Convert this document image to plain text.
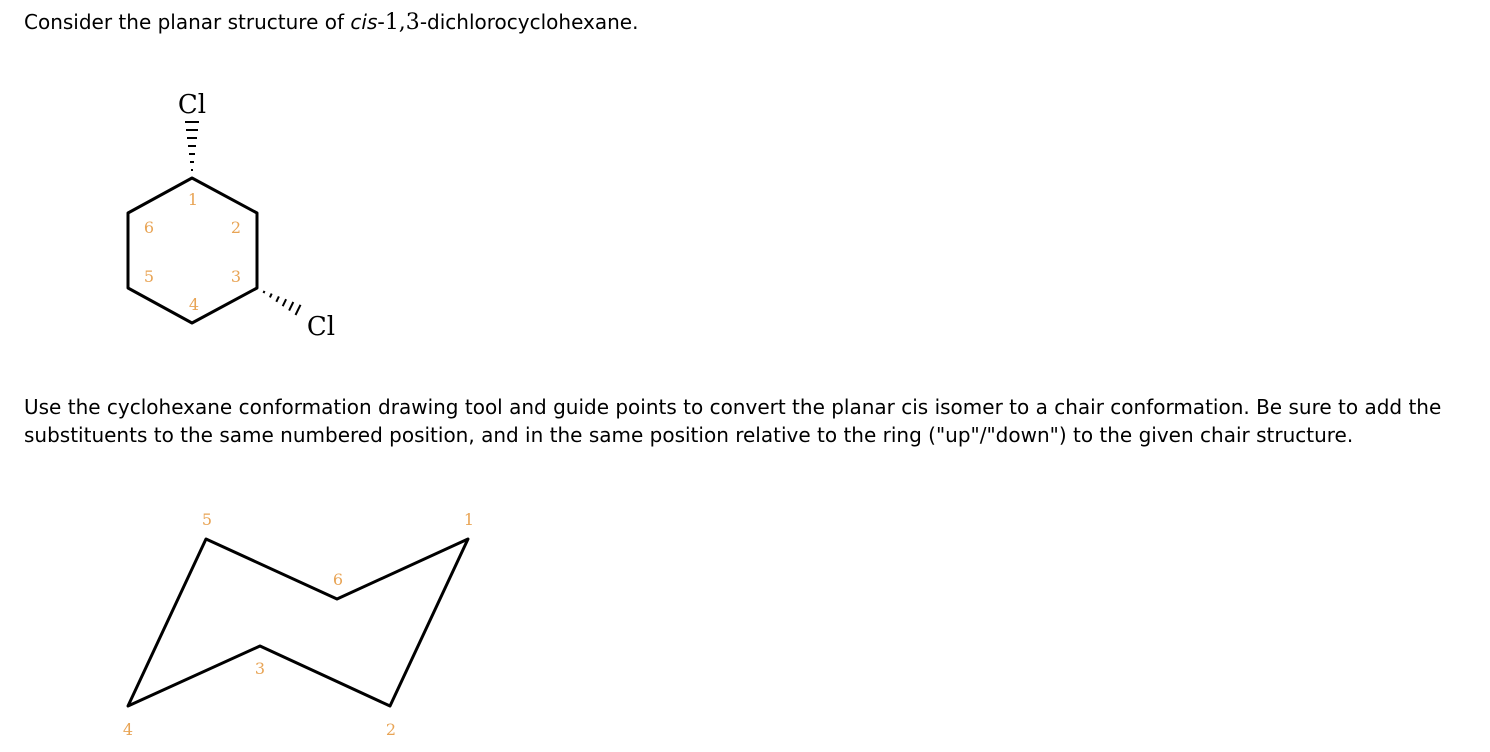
Consider the planar structure of cis-1,3-dichlorocyclohexane.
Cl
Cl
1
2
3
4
5
6
Use the cyclohexane conformation drawing tool and guide points to convert the planar cis isomer to a chair conformation. Be sure to add the substituents to the same numbered position, and in the same position relative to the ring ("up"/"down") to the given chair structure.
1
2
3
4
5
6
